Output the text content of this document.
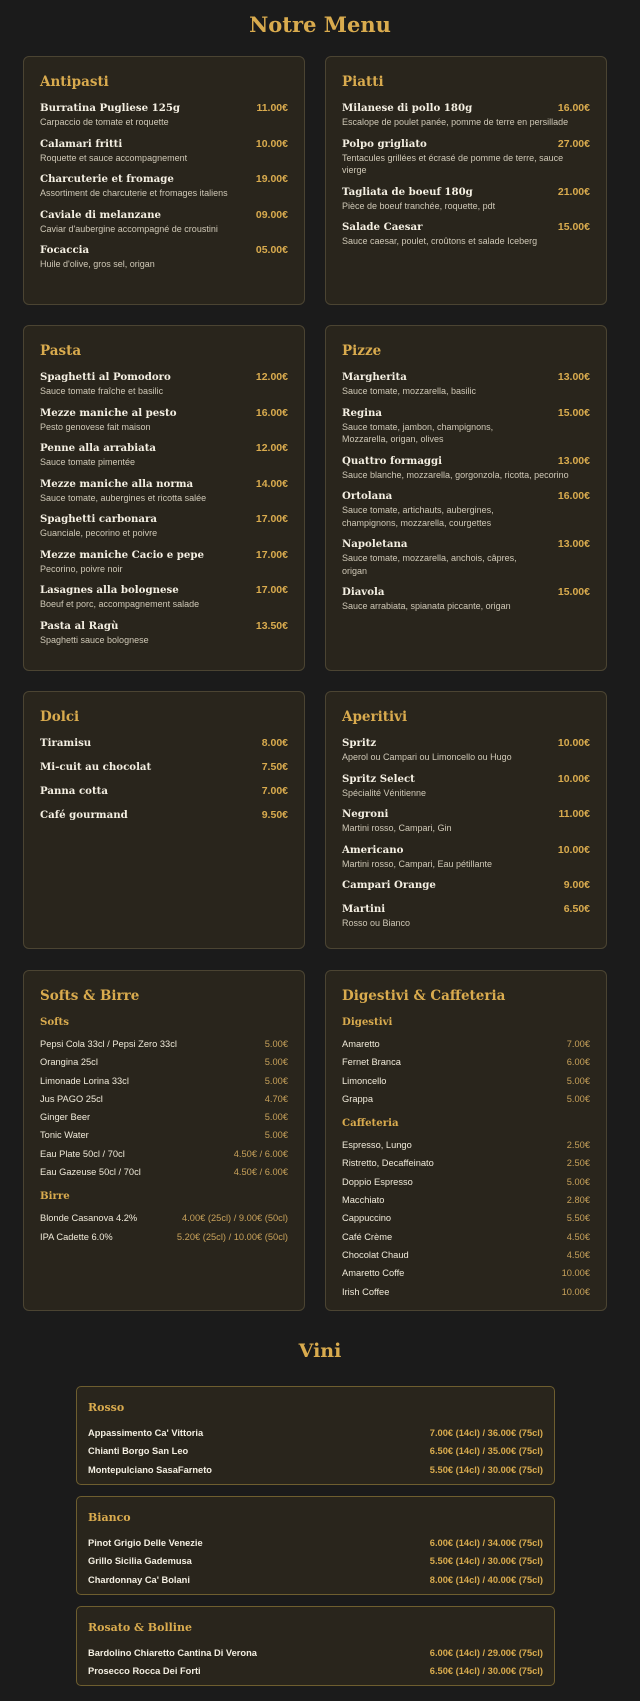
Notre Menu
Antipasti
Burratina Pugliese 125g
Carpaccio de tomate et roquette
11.00€
Calamari fritti
Roquette et sauce accompagnement
10.00€
Charcuterie et fromage
Assortiment de charcuterie et fromages italiens
19.00€
Caviale di melanzane
Caviar d'aubergine accompagné de croustini
09.00€
Focaccia
Huile d'olive, gros sel, origan
05.00€
Piatti
Milanese di pollo 180g
Escalope de poulet panée, pomme de terre en persillade
16.00€
Polpo grigliato
Tentacules grillées et écrasé de pomme de terre, sauce vierge
27.00€
Tagliata de boeuf 180g
Pièce de boeuf tranchée, roquette, pdt
21.00€
Salade Caesar
Sauce caesar, poulet, croûtons et salade Iceberg
15.00€
Pasta
Spaghetti al Pomodoro
Sauce tomate fraîche et basilic
12.00€
Mezze maniche al pesto
Pesto genovese fait maison
16.00€
Penne alla arrabiata
Sauce tomate pimentée
12.00€
Mezze maniche alla norma
Sauce tomate, aubergines et ricotta salée
14.00€
Spaghetti carbonara
Guanciale, pecorino et poivre
17.00€
Mezze maniche Cacio e pepe
Pecorino, poivre noir
17.00€
Lasagnes alla bolognese
Boeuf et porc, accompagnement salade
17.00€
Pasta al Ragù
Spaghetti sauce bolognese
13.50€
Pizze
Margherita
Sauce tomate, mozzarella, basilic
13.00€
Regina
Sauce tomate, jambon, champignons, Mozzarella, origan, olives
15.00€
Quattro formaggi
Sauce blanche, mozzarella, gorgonzola, ricotta, pecorino
13.00€
Ortolana
Sauce tomate, artichauts, aubergines, champignons, mozzarella, courgettes
16.00€
Napoletana
Sauce tomate, mozzarella, anchois, câpres, origan
13.00€
Diavola
Sauce arrabiata, spianata piccante, origan
15.00€
Dolci
Tiramisu	8.00€
Mi-cuit au chocolat	7.50€
Panna cotta	7.00€
Café gourmand	9.50€
Aperitivi
Spritz
Aperol ou Campari ou Limoncello ou Hugo
10.00€
Spritz Select
Spécialité Vénitienne
10.00€
Negroni
Martini rosso, Campari, Gin
11.00€
Americano
Martini rosso, Campari, Eau pétillante
10.00€
Campari Orange	9.00€
Martini
Rosso ou Bianco
6.50€
Softs & Birre
Softs
Pepsi Cola 33cl / Pepsi Zero 33cl	5.00€
Orangina 25cl	5.00€
Limonade Lorina 33cl	5.00€
Jus PAGO 25cl	4.70€
Ginger Beer	5.00€
Tonic Water	5.00€
Eau Plate 50cl / 70cl	4.50€ / 6.00€
Eau Gazeuse 50cl / 70cl	4.50€ / 6.00€
Birre
Blonde Casanova 4.2%	4.00€ (25cl) / 9.00€ (50cl)
IPA Cadette 6.0%	5.20€ (25cl) / 10.00€ (50cl)
Digestivi & Caffeteria
Digestivi
Amaretto	7.00€
Fernet Branca	6.00€
Limoncello	5.00€
Grappa	5.00€
Caffeteria
Espresso, Lungo	2.50€
Ristretto, Decaffeinato	2.50€
Doppio Espresso	5.00€
Macchiato	2.80€
Cappuccino	5.50€
Café Crème	4.50€
Chocolat Chaud	4.50€
Amaretto Coffe	10.00€
Irish Coffee	10.00€
Vini
Rosso
Appassimento Ca' Vittoria	7.00€ (14cl) / 36.00€ (75cl)
Chianti Borgo San Leo	6.50€ (14cl) / 35.00€ (75cl)
Montepulciano SasaFarneto	5.50€ (14cl) / 30.00€ (75cl)
Bianco
Pinot Grigio Delle Venezie	6.00€ (14cl) / 34.00€ (75cl)
Grillo Sicilia Gademusa	5.50€ (14cl) / 30.00€ (75cl)
Chardonnay Ca' Bolani	8.00€ (14cl) / 40.00€ (75cl)
Rosato & Bolline
Bardolino Chiaretto Cantina Di Verona	6.00€ (14cl) / 29.00€ (75cl)
Prosecco Rocca Dei Forti	6.50€ (14cl) / 30.00€ (75cl)
